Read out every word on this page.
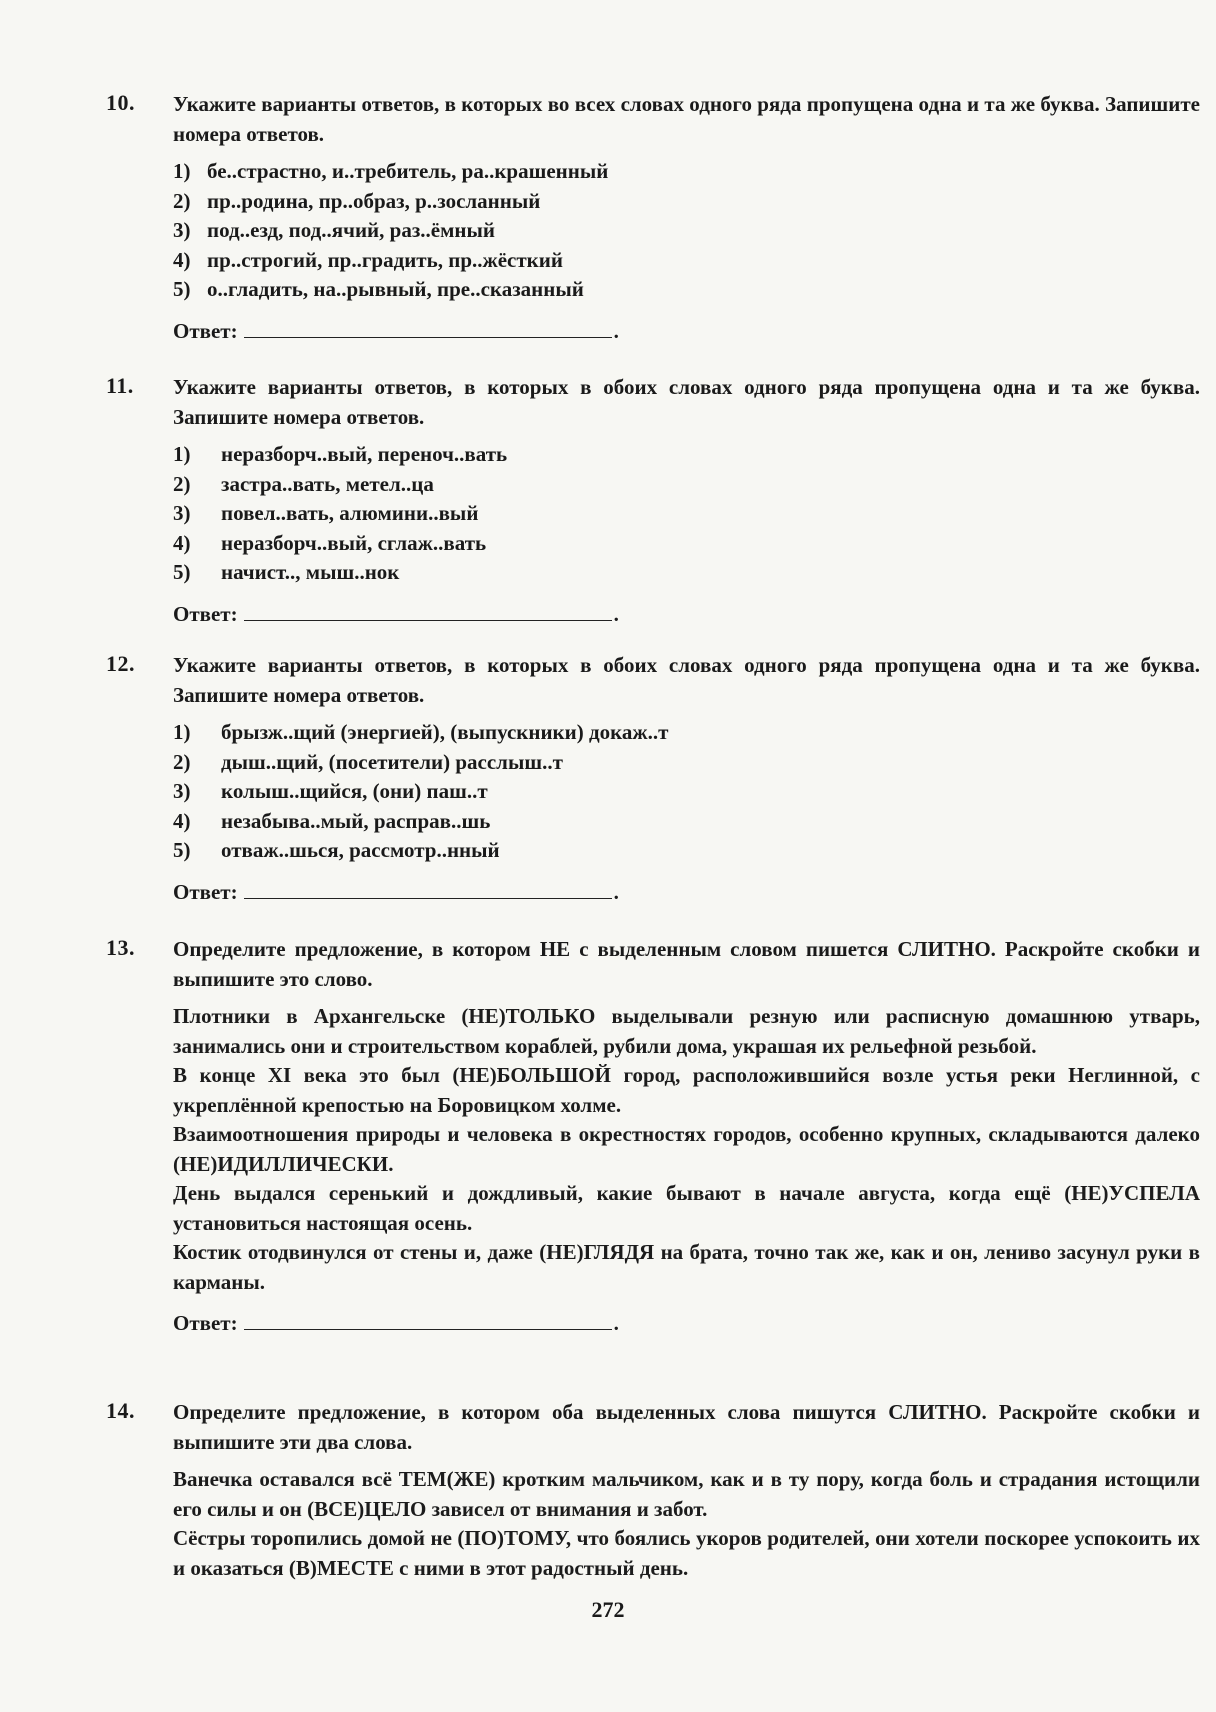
10. Укажите варианты ответов, в которых во всех словах одного ряда пропущена одна и та же буква. Запишите номера ответов.

1) бе..страстно, и..требитель, ра..крашенный
2) пр..родина, пр..образ, р..зосланный
3) под..езд, под..ячий, раз..ёмный
4) пр..строгий, пр..градить, пр..жёсткий
5) о..гладить, на..рывный, пре..сказанный
Ответ:	.
11. Укажите варианты ответов, в которых в обоих словах одного ряда пропущена одна и та же буква. Запишите номера ответов.

1) неразборч..вый, переноч..вать
2) застра..вать, метел..ца
3) повел..вать, алюмини..вый
4) неразборч..вый, сглаж..вать
5) начист.., мыш..нок
Ответ:	.
12. Укажите варианты ответов, в которых в обоих словах одного ряда пропущена одна и та же буква. Запишите номера ответов.

1) брызж..щий (энергией), (выпускники) докаж..т
2) дыш..щий, (посетители) расслыш..т
3) колыш..щийся, (они) паш..т
4) незабыва..мый, расправ..шь
5) отваж..шься, рассмотр..нный
Ответ:	.
13. Определите предложение, в котором НЕ с выделенным словом пишется СЛИТНО. Раскройте скобки и выпишите это слово.

Плотники в Архангельске (НЕ)ТОЛЬКО выделывали резную или расписную домашнюю утварь, занимались они и строительством кораблей, рубили дома, украшая их рельефной резьбой.

В конце XI века это был (НЕ)БОЛЬШОЙ город, расположившийся возле устья реки Неглинной, с укреплённой крепостью на Боровицком холме.

Взаимоотношения природы и человека в окрестностях городов, особенно крупных, складываются далеко (НЕ)ИДИЛЛИЧЕСКИ.

День выдался серенький и дождливый, какие бывают в начале августа, когда ещё (НЕ)УСПЕЛА установиться настоящая осень.

Костик отодвинулся от стены и, даже (НЕ)ГЛЯДЯ на брата, точно так же, как и он, лениво засунул руки в карманы.

Ответ:	.
14. Определите предложение, в котором оба выделенных слова пишутся СЛИТНО. Раскройте скобки и выпишите эти два слова.

Ванечка оставался всё ТЕМ(ЖЕ) кротким мальчиком, как и в ту пору, когда боль и страдания истощили его силы и он (ВСЕ)ЦЕЛО зависел от внимания и забот.

Сёстры торопились домой не (ПО)ТОМУ, что боялись укоров родителей, они хотели поскорее успокоить их и оказаться (В)МЕСТЕ с ними в этот радостный день.

272
